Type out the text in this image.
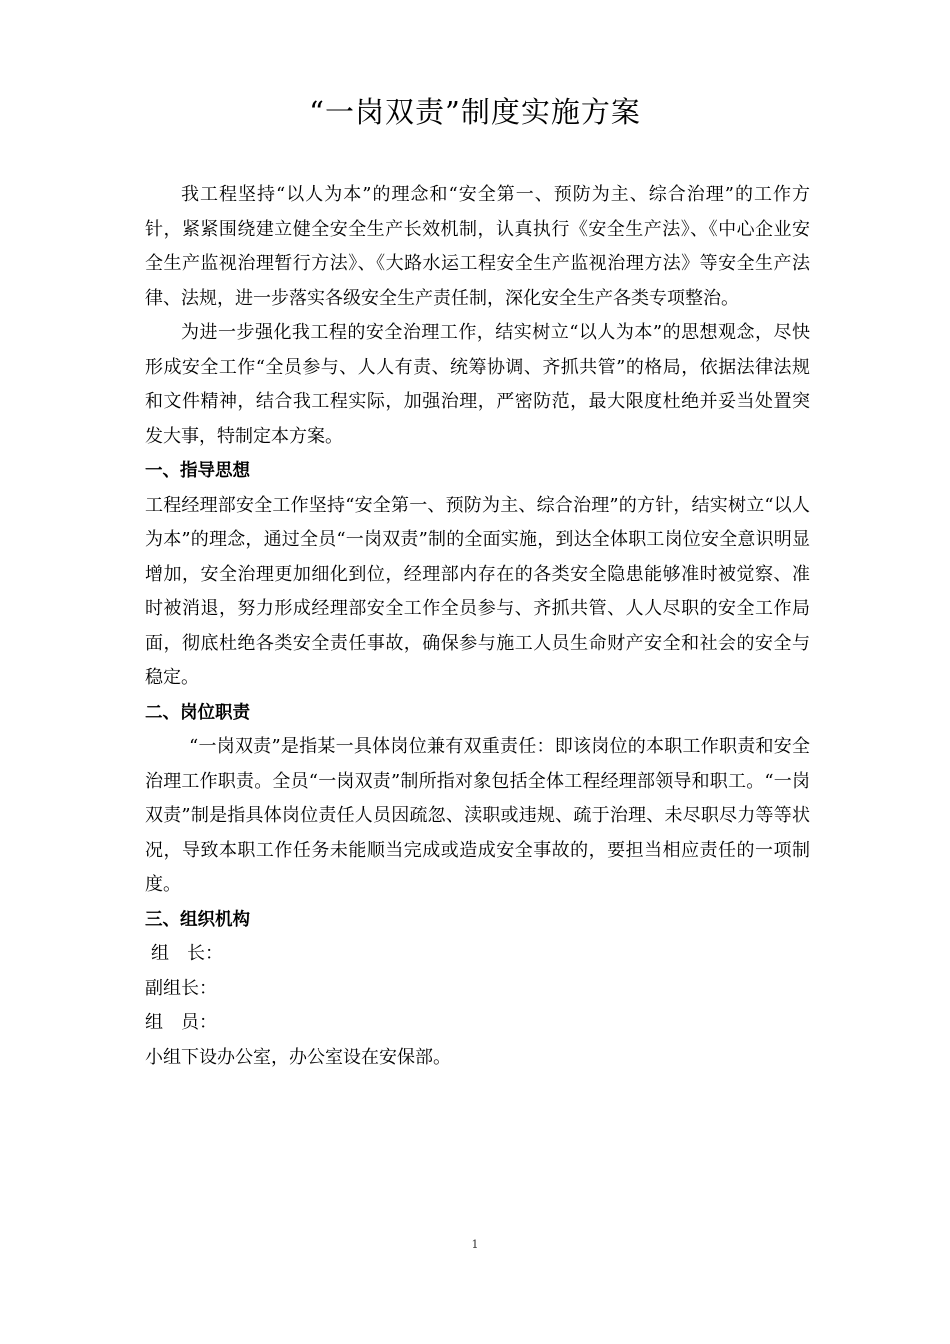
“一岗双责”制度实施方案

我工程坚持“以人为本”的理念和“安全第一、预防为主、综合治理”的工作方针，紧紧围绕建立健全安全生产长效机制，认真执行《安全生产法》、《中心企业安全生产监视治理暂行方法》、《大路水运工程安全生产监视治理方法》等安全生产法律、法规，进一步落实各级安全生产责任制，深化安全生产各类专项整治。

为进一步强化我工程的安全治理工作，结实树立“以人为本”的思想观念，尽快形成安全工作“全员参与、人人有责、统筹协调、齐抓共管”的格局，依据法律法规和文件精神，结合我工程实际，加强治理，严密防范，最大限度杜绝并妥当处置突发大事，特制定本方案。

一、指导思想

工程经理部安全工作坚持“安全第一、预防为主、综合治理”的方针，结实树立“以人为本”的理念，通过全员“一岗双责”制的全面实施，到达全体职工岗位安全意识明显增加，安全治理更加细化到位，经理部内存在的各类安全隐患能够准时被觉察、准时被消退，努力形成经理部安全工作全员参与、齐抓共管、人人尽职的安全工作局面，彻底杜绝各类安全责任事故，确保参与施工人员生命财产安全和社会的安全与稳定。

二、岗位职责

“一岗双责”是指某一具体岗位兼有双重责任：即该岗位的本职工作职责和安全治理工作职责。全员“一岗双责”制所指对象包括全体工程经理部领导和职工。“一岗双责”制是指具体岗位责任人员因疏忽、渎职或违规、疏于治理、未尽职尽力等等状况，导致本职工作任务未能顺当完成或造成安全事故的，要担当相应责任的一项制度。

三、组织机构

组　长：

副组长：

组　员：

小组下设办公室，办公室设在安保部。

1
